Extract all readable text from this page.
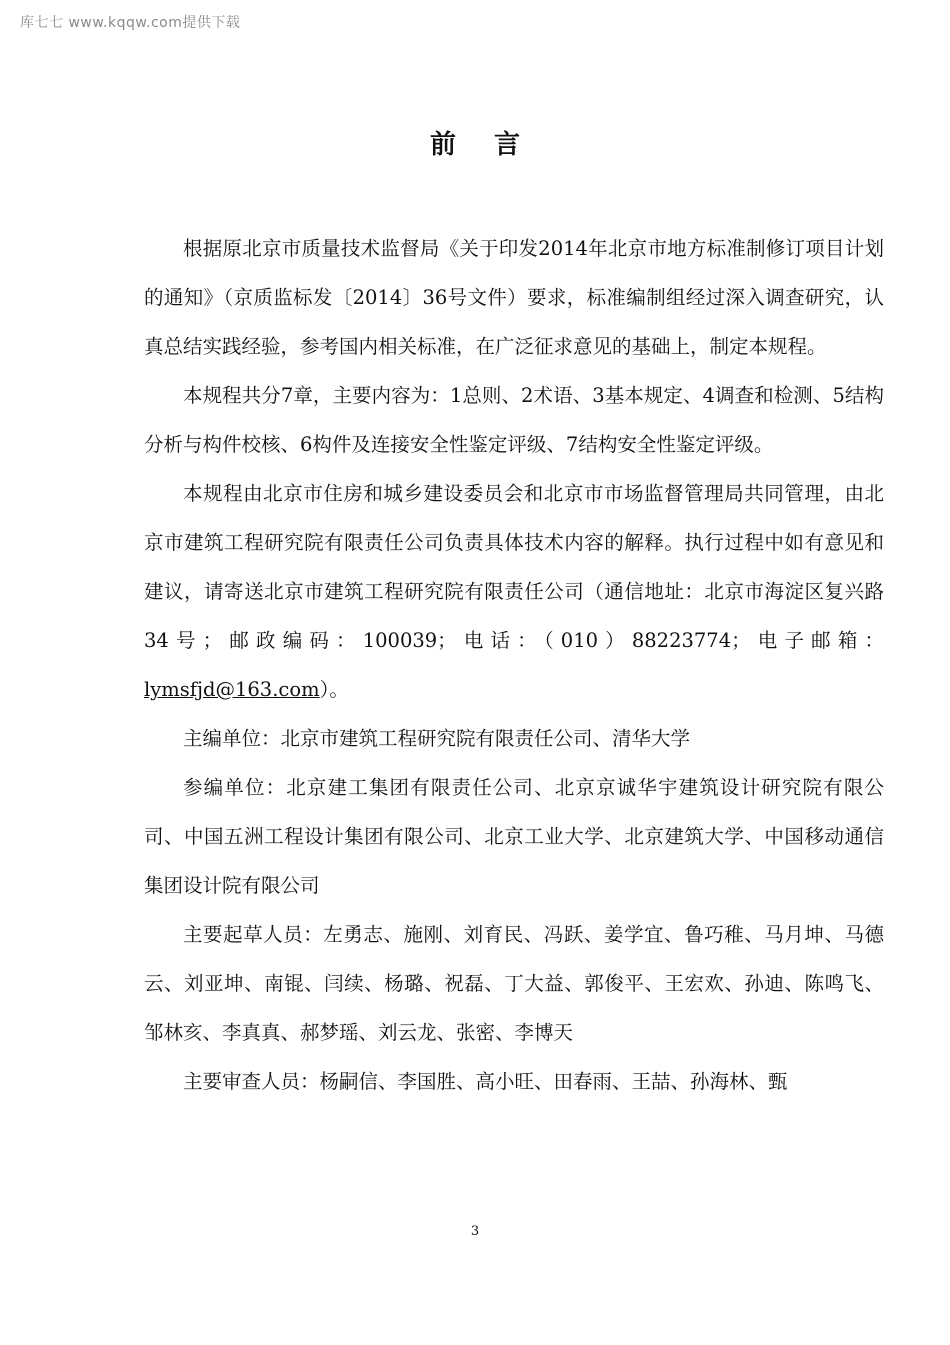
库七七 www.kqqw.com提供下载
前言

根据原北京市质量技术监督局《关于印发2014年北京市地方标准制修订项目计划的通知》（京质监标发〔2014〕36号文件）要求，标准编制组经过深入调查研究，认真总结实践经验，参考国内相关标准，在广泛征求意见的基础上，制定本规程。

本规程共分7章，主要内容为：1总则、2术语、3基本规定、4调查和检测、5结构分析与构件校核、6构件及连接安全性鉴定评级、7结构安全性鉴定评级。

本规程由北京市住房和城乡建设委员会和北京市市场监督管理局共同管理，由北京市建筑工程研究院有限责任公司负责具体技术内容的解释。执行过程中如有意见和建议，请寄送北京市建筑工程研究院有限责任公司（通信地址：北京市海淀区复兴路34号；邮政编码：100039；电话：（010）88223774；电子邮箱：lymsfjd@163.com）。

主编单位：北京市建筑工程研究院有限责任公司、清华大学

参编单位：北京建工集团有限责任公司、北京京诚华宇建筑设计研究院有限公司、中国五洲工程设计集团有限公司、北京工业大学、北京建筑大学、中国移动通信集团设计院有限公司

主要起草人员：左勇志、施刚、刘育民、冯跃、姜学宜、鲁巧稚、马月坤、马德云、刘亚坤、南锟、闫续、杨璐、祝磊、丁大益、郭俊平、王宏欢、孙迪、陈鸣飞、邹林亥、李真真、郝梦瑶、刘云龙、张密、李博天

主要审查人员：杨嗣信、李国胜、高小旺、田春雨、王喆、孙海林、甄

3
